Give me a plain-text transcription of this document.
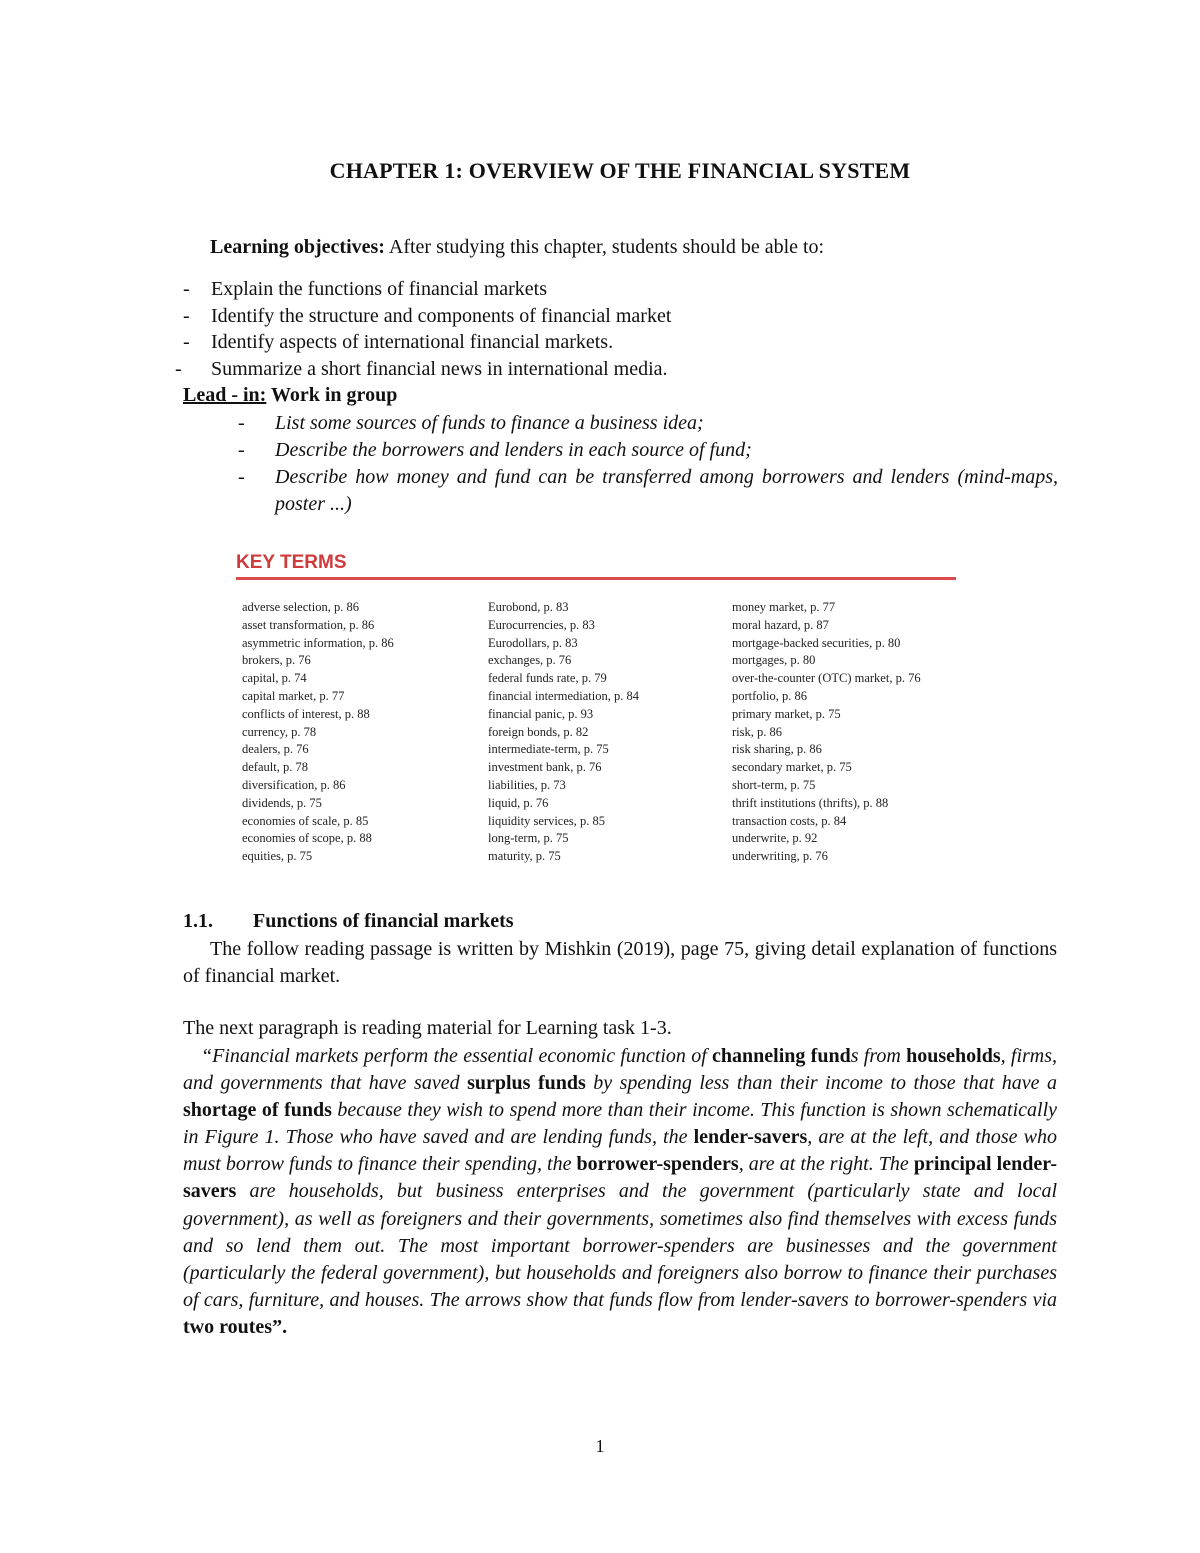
CHAPTER 1: OVERVIEW OF THE FINANCIAL SYSTEM
Learning objectives: After studying this chapter, students should be able to:
-	Explain the functions of financial markets
-	Identify the structure and components of financial market
-	Identify aspects of international financial markets.
-	Summarize a short financial news in international media.
Lead - in: Work in group
-	List some sources of funds to finance a business idea;
-	Describe the borrowers and lenders in each source of fund;
-	Describe how money and fund can be transferred among borrowers and lenders (mind-maps, poster ...)
KEY TERMS
adverse selection, p. 86
asset transformation, p. 86
asymmetric information, p. 86
brokers, p. 76
capital, p. 74
capital market, p. 77
conflicts of interest, p. 88
currency, p. 78
dealers, p. 76
default, p. 78
diversification, p. 86
dividends, p. 75
economies of scale, p. 85
economies of scope, p. 88
equities, p. 75
Eurobond, p. 83
Eurocurrencies, p. 83
Eurodollars, p. 83
exchanges, p. 76
federal funds rate, p. 79
financial intermediation, p. 84
financial panic, p. 93
foreign bonds, p. 82
intermediate-term, p. 75
investment bank, p. 76
liabilities, p. 73
liquid, p. 76
liquidity services, p. 85
long-term, p. 75
maturity, p. 75
money market, p. 77
moral hazard, p. 87
mortgage-backed securities, p. 80
mortgages, p. 80
over-the-counter (OTC) market, p. 76
portfolio, p. 86
primary market, p. 75
risk, p. 86
risk sharing, p. 86
secondary market, p. 75
short-term, p. 75
thrift institutions (thrifts), p. 88
transaction costs, p. 84
underwrite, p. 92
underwriting, p. 76
1.1. Functions of financial markets
The follow reading passage is written by Mishkin (2019), page 75, giving detail explanation of functions of financial market.
The next paragraph is reading material for Learning task 1-3.
“Financial markets perform the essential economic function of channeling funds from households, firms, and governments that have saved surplus funds by spending less than their income to those that have a shortage of funds because they wish to spend more than their income. This function is shown schematically in Figure 1. Those who have saved and are lending funds, the lender-savers, are at the left, and those who must borrow funds to finance their spending, the borrower-spenders, are at the right. The principal lender-savers are households, but business enterprises and the government (particularly state and local government), as well as foreigners and their governments, sometimes also find themselves with excess funds and so lend them out. The most important borrower-spenders are businesses and the government (particularly the federal government), but households and foreigners also borrow to finance their purchases of cars, furniture, and houses. The arrows show that funds flow from lender-savers to borrower-spenders via two routes”.
1
